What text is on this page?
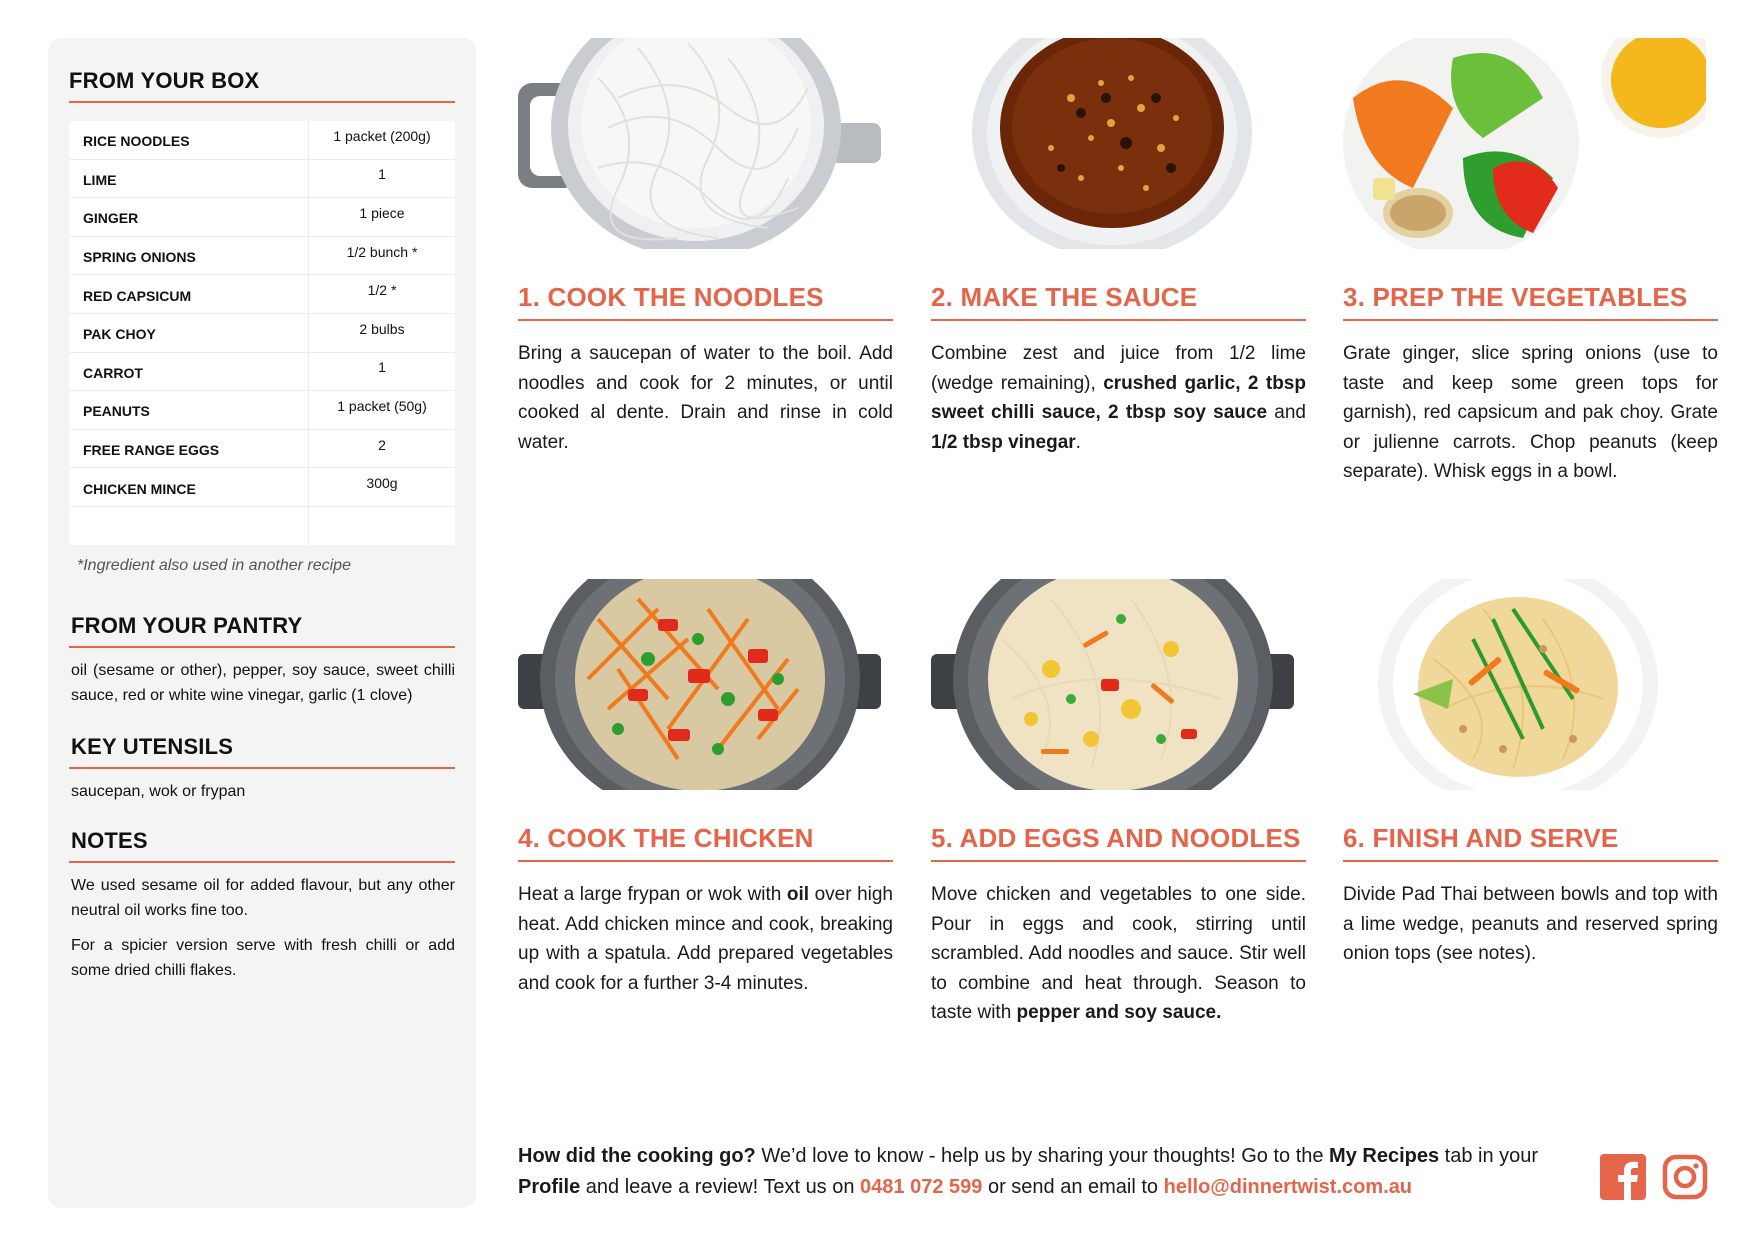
FROM YOUR BOX
RICE NOODLES	1 packet (200g)
LIME	1
GINGER	1 piece
SPRING ONIONS	1/2 bunch *
RED CAPSICUM	1/2 *
PAK CHOY	2 bulbs
CARROT	1
PEANUTS	1 packet (50g)
FREE RANGE EGGS	2
CHICKEN MINCE	300g
*Ingredient also used in another recipe
FROM YOUR PANTRY
oil (sesame or other), pepper, soy sauce, sweet chilli sauce, red or white wine vinegar, garlic (1 clove)
KEY UTENSILS
saucepan, wok or frypan
NOTES

We used sesame oil for added flavour, but any other neutral oil works fine too.

For a spicier version serve with fresh chilli or add some dried chilli flakes.

1. COOK THE NOODLES
Bring a saucepan of water to the boil. Add noodles and cook for 2 minutes, or until cooked al dente. Drain and rinse in cold water.
2. MAKE THE SAUCE
Combine zest and juice from 1/2 lime (wedge remaining), crushed garlic, 2 tbsp sweet chilli sauce, 2 tbsp soy sauce and 1/2 tbsp vinegar.
3. PREP THE VEGETABLES
Grate ginger, slice spring onions (use to taste and keep some green tops for garnish), red capsicum and pak choy. Grate or julienne carrots. Chop peanuts (keep separate). Whisk eggs in a bowl.
4. COOK THE CHICKEN
Heat a large frypan or wok with oil over high heat. Add chicken mince and cook, breaking up with a spatula. Add prepared vegetables and cook for a further 3-4 minutes.
5. ADD EGGS AND NOODLES
Move chicken and vegetables to one side. Pour in eggs and cook, stirring until scrambled. Add noodles and sauce. Stir well to combine and heat through. Season to taste with pepper and soy sauce.
6. FINISH AND SERVE
Divide Pad Thai between bowls and top with a lime wedge, peanuts and reserved spring onion tops (see notes).
How did the cooking go? We’d love to know - help us by sharing your thoughts! Go to the My Recipes tab in your Profile and leave a review! Text us on 0481 072 599 or send an email to hello@dinnertwist.com.au
